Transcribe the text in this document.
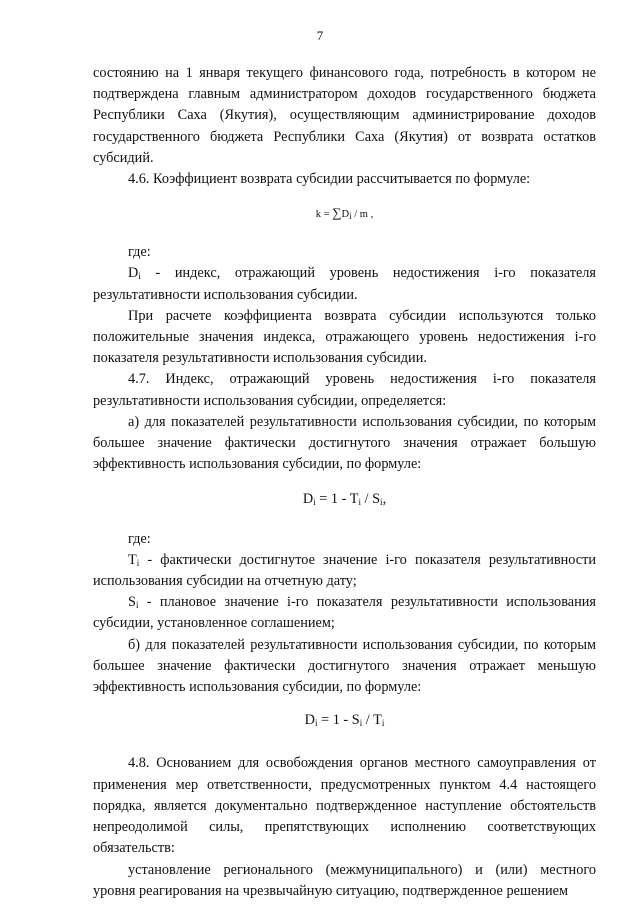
7

состоянию на 1 января текущего финансового года, потребность в котором не подтверждена главным администратором доходов государственного бюджета Республики Саха (Якутия), осуществляющим администрирование доходов государственного бюджета Республики Саха (Якутия) от возврата остатков субсидий.

4.6. Коэффициент возврата субсидии рассчитывается по формуле:

$k = \sum D_i / m$ ,

где:

$D_i$ - индекс, отражающий уровень недостижения i-го показателя результативности использования субсидии.

При расчете коэффициента возврата субсидии используются только положительные значения индекса, отражающего уровень недостижения i-го показателя результативности использования субсидии.

4.7. Индекс, отражающий уровень недостижения i-го показателя результативности использования субсидии, определяется:

а) для показателей результативности использования субсидии, по которым большее значение фактически достигнутого значения отражает большую эффективность использования субсидии, по формуле:

$D_i = 1 - T_i / S_i$,

где:

$T_i$ - фактически достигнутое значение i-го показателя результативности использования субсидии на отчетную дату;

$S_i$ - плановое значение i-го показателя результативности использования субсидии, установленное соглашением;

б) для показателей результативности использования субсидии, по которым большее значение фактически достигнутого значения отражает меньшую эффективность использования субсидии, по формуле:

$D_i = 1 - S_i / T_i$

4.8. Основанием для освобождения органов местного самоуправления от применения мер ответственности, предусмотренных пунктом 4.4 настоящего порядка, является документально подтвержденное наступление обстоятельств непреодолимой силы, препятствующих исполнению соответствующих обязательств:

установление регионального (межмуниципального) и (или) местного уровня реагирования на чрезвычайную ситуацию, подтвержденное решением
